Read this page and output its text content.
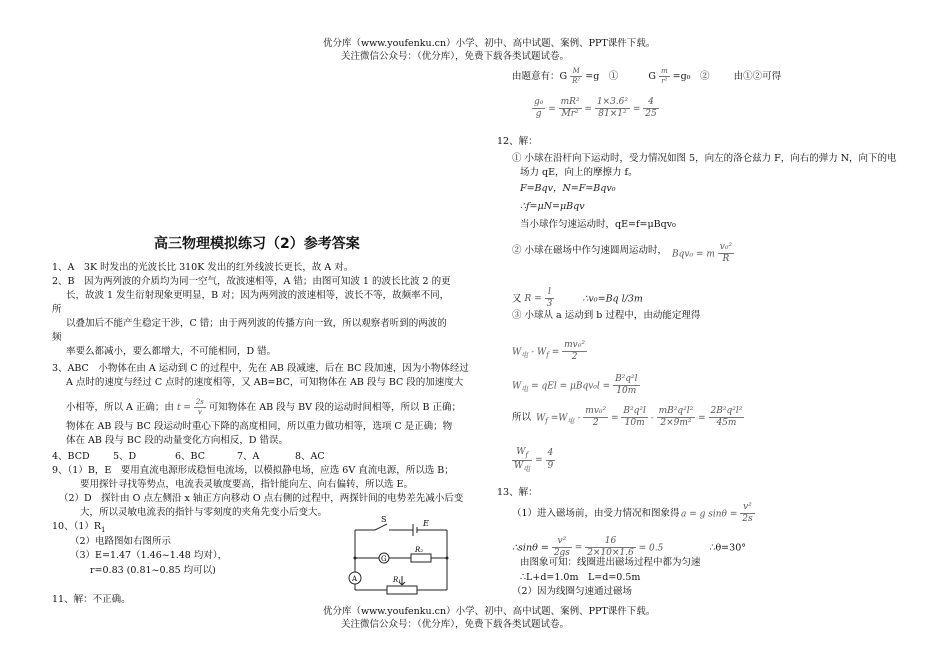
优分库（www.youfenku.cn）小学、初中、高中试题、案例、PPT课件下载。
关注微信公众号：（优分库），免费下载各类试题试卷。
高三物理模拟练习（2）参考答案
1、A　3K 时发出的光波长比 310K 发出的红外线波长更长，故 A 对。
2、B　因为两列波的介质均为同一空气，故波速相等，A 错；由图可知波 1 的波长比波 2 的更
长，故波 1 发生衍射现象更明显，B 对；因为两列波的波速相等，波长不等，故频率不同，
所
以叠加后不能产生稳定干涉，C 错；由于两列波的传播方向一致，所以观察者听到的两波的
频
率要么都减小，要么都增大，不可能相同，D 错。
3、ABC　小物体在由 A 运动到 C 的过程中，先在 AB 段减速，后在 BC 段加速，因为小物体经过
A 点时的速度与经过 C 点时的速度相等，又 AB=BC，可知物体在 AB 段与 BC 段的加速度大
小相等，所以 A 正确；由 $t = \frac{2s}{v}$ 可知物体在 AB 段与 BV 段的运动时间相等，所以 B 正确；
物体在 AB 段与 BC 段运动时重心下降的高度相同，所以重力做功相等，选项 C 是正确；物
体在 AB 段与 BC 段的动量变化方向相反，D 错误。
4、BCD 5、D	6、BC	7、A	8、AC
9、（1）B，E　要用直流电源形成稳恒电流场，以模拟静电场，应选 6V 直流电源，所以选 B；
要用探针寻找等势点，电流表灵敏度要高，指针能向左、向右偏转，所以选 E。
（2）D　探针由 O 点左侧沿 x 轴正方向移动 O 点右侧的过程中，两探针间的电势差先减小后变
大，所以灵敏电流表的指针与零刻度的夹角先变小后变大。
10、$(1)R_1$
（2）电路图如右图所示
（3）E=1.47（1.46~1.48 均对），
r=0.83 (0.81~0.85 均可以)
11、解：不正确。
S	E
R₂
G
R₁
A
由题意有：G $\frac{M}{\text{R²}} =g$　①	G $\frac{m}{\text{r²}} =g_0$　②	由①②可得
$\frac{\text{g₀}}{g} = \frac{\text{mR²}}{\text{Mr²}} = \frac{\text{1×3.6²}}{\text{81×1²}} = \frac{4}{25}$
12、解：
① 小球在沿杆向下运动时，受力情况如图 5，向左的洛仑兹力 F，向右的弹力 N，向下的电
场力 qE，向上的摩擦力 f。
F=Bqv，N=F=Bqv₀
∴f=μN=μBqv
当小球作匀速运动时，qE=f=μBqv₀
② 小球在磁场中作匀速圆周运动时， Bqv₀ = m $\frac{\text{v₀²}}{R}$
又 $R = \frac{l}{3}$	∴v₀=Bq l/3m
③ 小球从 a 运动到 b 过程中，由动能定理得
$W_电 - W_f = \frac{\text{mv₀²}}{2}$
$W_电$ = qEl = $\mu Bqv_0l = \frac{\text{B²q²l}}{10m}$
所以 $W_f =W_电 - \frac{\text{mv₀²}}{2} = \frac{\text{B²q²l}}{10m} - \frac{\text{mB²q²l²}}{\text{2×9m²}} = \frac{\text{2B²q²l²}}{45m}$
$\frac{W_f}{W_电} = \frac{4}{9}$
13、解：
（1）进入磁场前，由受力情况和图象得 a = g $\sin\theta = \frac{\text{v²}}{2s}$
∴sinθ = $\frac{\text{v²}}{2gs} = \frac{16}{2\times 10\times 1.6} = 0.5$	∴θ=30°
由图象可知：线圈进出磁场过程中都为匀速
∴L+d=1.0m　L=d=0.5m
（2）因为线圈匀速通过磁场
优分库（www.youfenku.cn）小学、初中、高中试题、案例、PPT课件下载。
关注微信公众号：（优分库），免费下载各类试题试卷。
